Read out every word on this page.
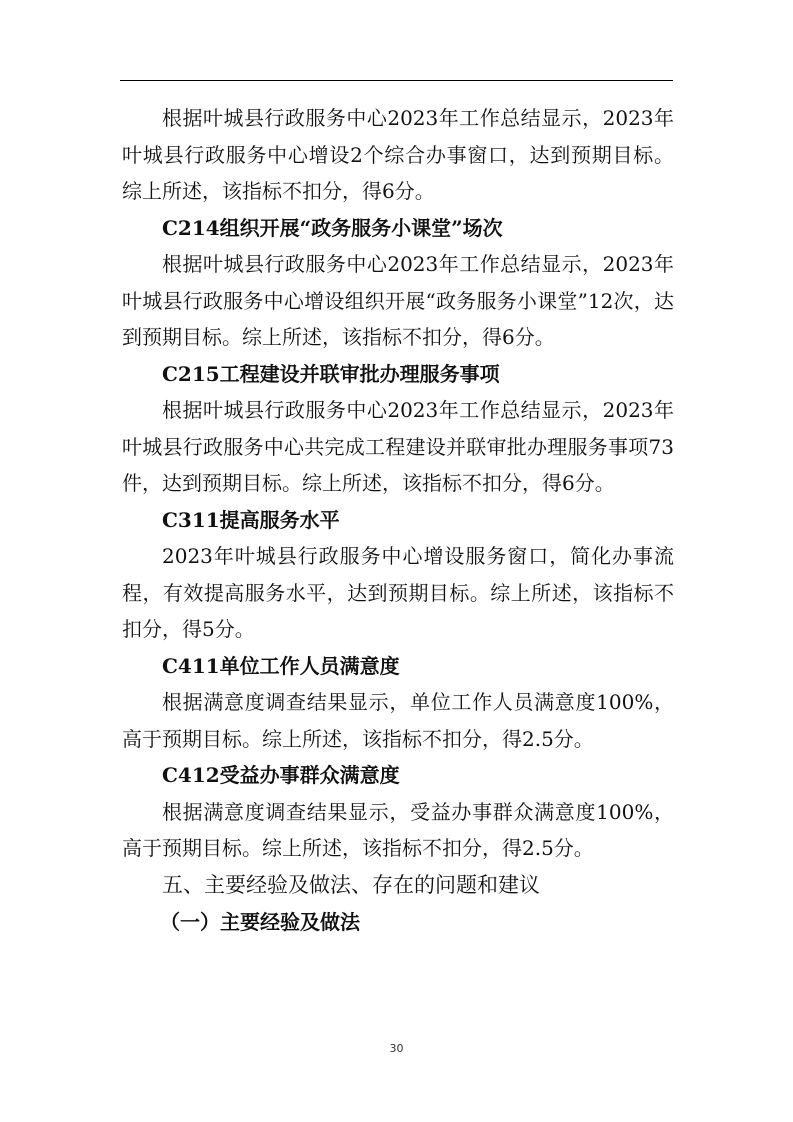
根据叶城县行政服务中心2023年工作总结显示，2023年叶城县行政服务中心增设2个综合办事窗口，达到预期目标。综上所述，该指标不扣分，得6分。

C214组织开展“政务服务小课堂”场次

根据叶城县行政服务中心2023年工作总结显示，2023年叶城县行政服务中心增设组织开展“政务服务小课堂”12次，达到预期目标。综上所述，该指标不扣分，得6分。

C215工程建设并联审批办理服务事项

根据叶城县行政服务中心2023年工作总结显示，2023年叶城县行政服务中心共完成工程建设并联审批办理服务事项73件，达到预期目标。综上所述，该指标不扣分，得6分。

C311提高服务水平

2023年叶城县行政服务中心增设服务窗口，简化办事流程，有效提高服务水平，达到预期目标。综上所述，该指标不扣分，得5分。

C411单位工作人员满意度

根据满意度调查结果显示，单位工作人员满意度100%，高于预期目标。综上所述，该指标不扣分，得2.5分。

C412受益办事群众满意度

根据满意度调查结果显示，受益办事群众满意度100%，高于预期目标。综上所述，该指标不扣分，得2.5分。

五、主要经验及做法、存在的问题和建议

（一）主要经验及做法

30
